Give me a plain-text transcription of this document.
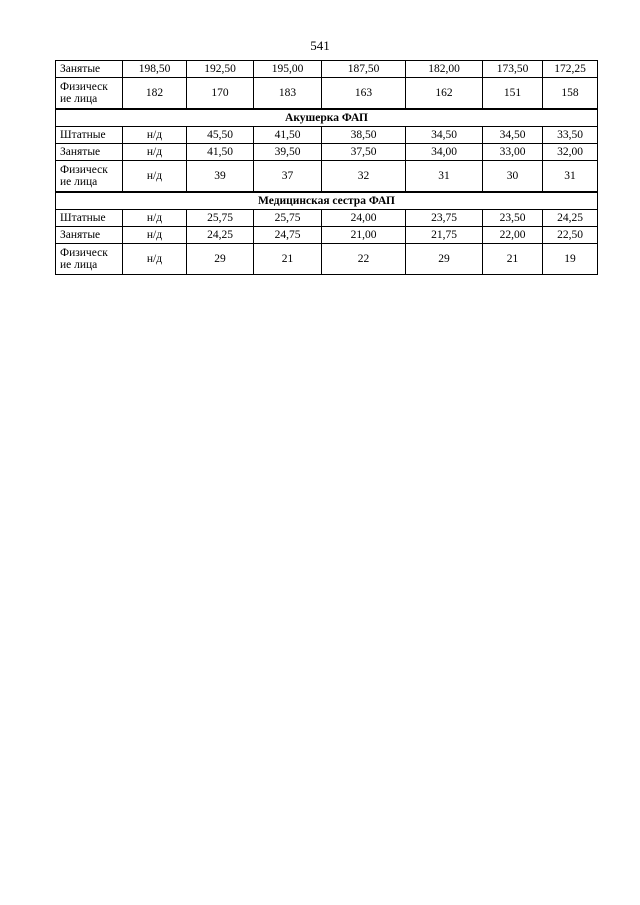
541
Занятые	198,50	192,50	195,00	187,50	182,00	173,50	172,25
Физическ ие лица	182	170	183	163	162	151	158
Акушерка ФАП							
Штатные	н/д	45,50	41,50	38,50	34,50	34,50	33,50
Занятые	н/д	41,50	39,50	37,50	34,00	33,00	32,00
Физическ ие лица	н/д	39	37	32	31	30	31
Медицинская сестра ФАП							
Штатные	н/д	25,75	25,75	24,00	23,75	23,50	24,25
Занятые	н/д	24,25	24,75	21,00	21,75	22,00	22,50
Физическ ие лица	н/д	29	21	22	29	21	19
